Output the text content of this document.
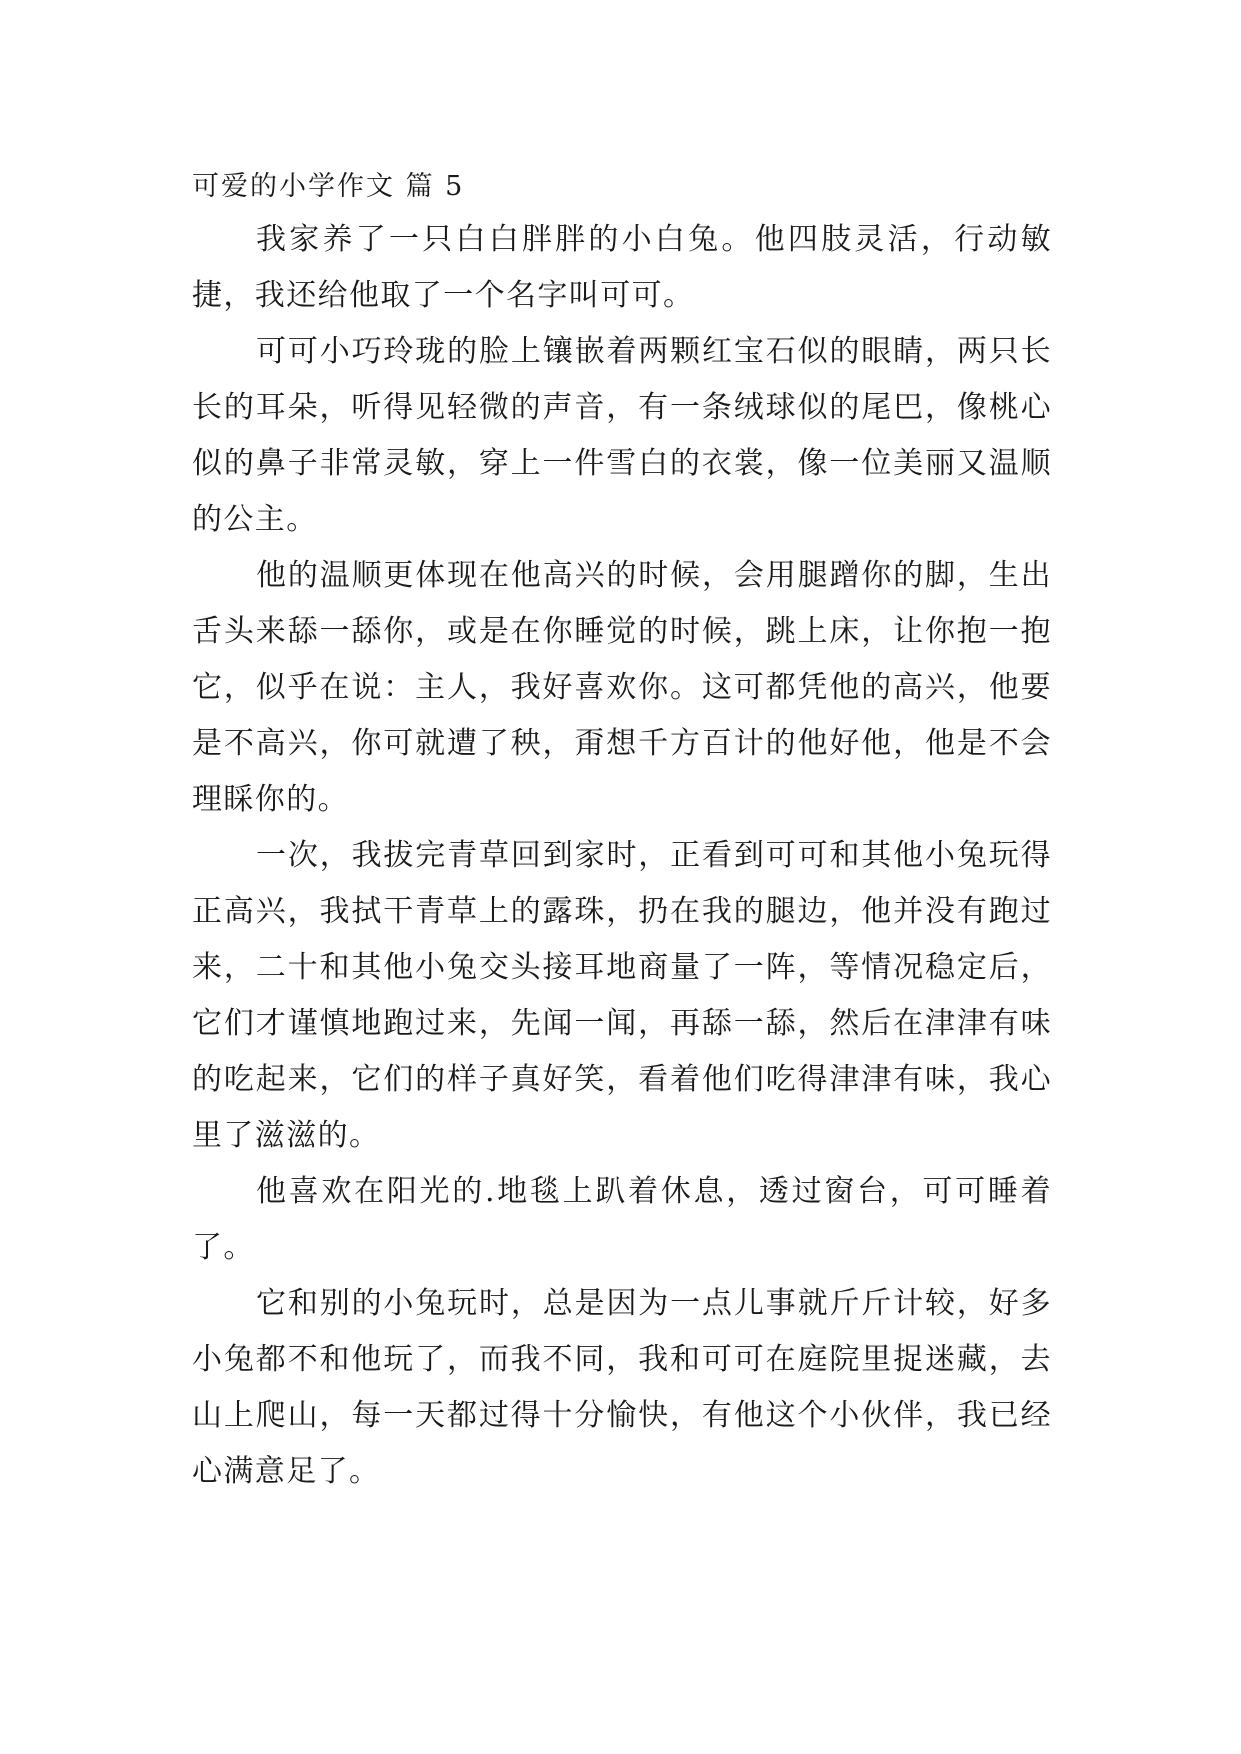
可爱的小学作文 篇 5

我家养了一只白白胖胖的小白兔。他四肢灵活，行动敏捷，我还给他取了一个名字叫可可。

可可小巧玲珑的脸上镶嵌着两颗红宝石似的眼睛，两只长长的耳朵，听得见轻微的声音，有一条绒球似的尾巴，像桃心似的鼻子非常灵敏，穿上一件雪白的衣裳，像一位美丽又温顺的公主。

他的温顺更体现在他高兴的时候，会用腿蹭你的脚，生出舌头来舔一舔你，或是在你睡觉的时候，跳上床，让你抱一抱它，似乎在说：主人，我好喜欢你。这可都凭他的高兴，他要是不高兴，你可就遭了秧，甭想千方百计的他好他，他是不会理睬你的。

一次，我拔完青草回到家时，正看到可可和其他小兔玩得正高兴，我拭干青草上的露珠，扔在我的腿边，他并没有跑过来，二十和其他小兔交头接耳地商量了一阵，等情况稳定后，它们才谨慎地跑过来，先闻一闻，再舔一舔，然后在津津有味的吃起来，它们的样子真好笑，看着他们吃得津津有味，我心里了滋滋的。

他喜欢在阳光的.地毯上趴着休息，透过窗台，可可睡着了。

它和别的小兔玩时，总是因为一点儿事就斤斤计较，好多小兔都不和他玩了，而我不同，我和可可在庭院里捉迷藏，去山上爬山，每一天都过得十分愉快，有他这个小伙伴，我已经心满意足了。
